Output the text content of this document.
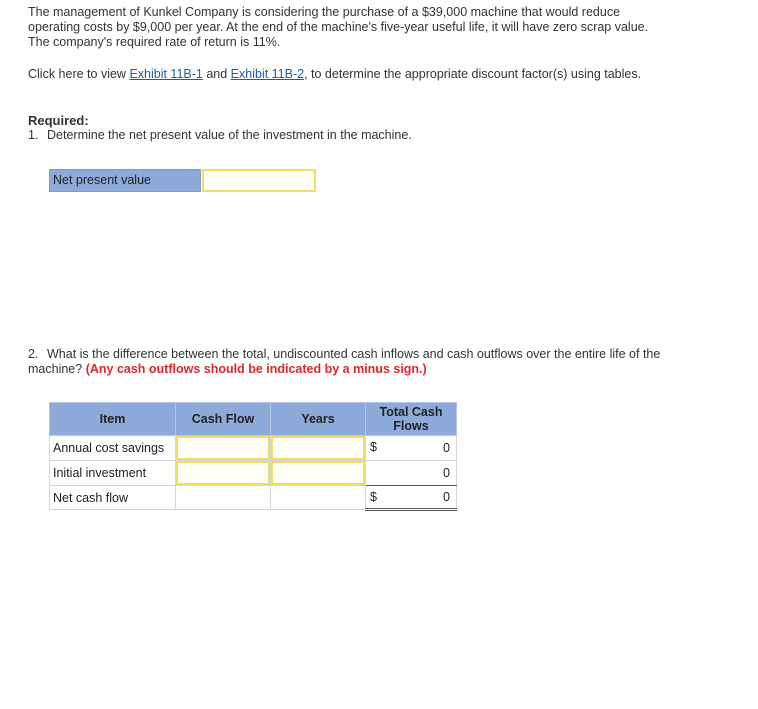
The management of Kunkel Company is considering the purchase of a $39,000 machine that would reduce operating costs by $9,000 per year. At the end of the machine's five-year useful life, it will have zero scrap value. The company's required rate of return is 11%.

Click here to view Exhibit 11B-1 and Exhibit 11B-2, to determine the appropriate discount factor(s) using tables.

Required:
1. Determine the net present value of the investment in the machine.
Net present value
2. What is the difference between the total, undiscounted cash inflows and cash outflows over the entire life of the machine? (Any cash outflows should be indicated by a minus sign.)
Item	Cash Flow	Years	Total Cash Flows
Annual cost savings			$ 0
Initial investment			0
Net cash flow			$ 0
